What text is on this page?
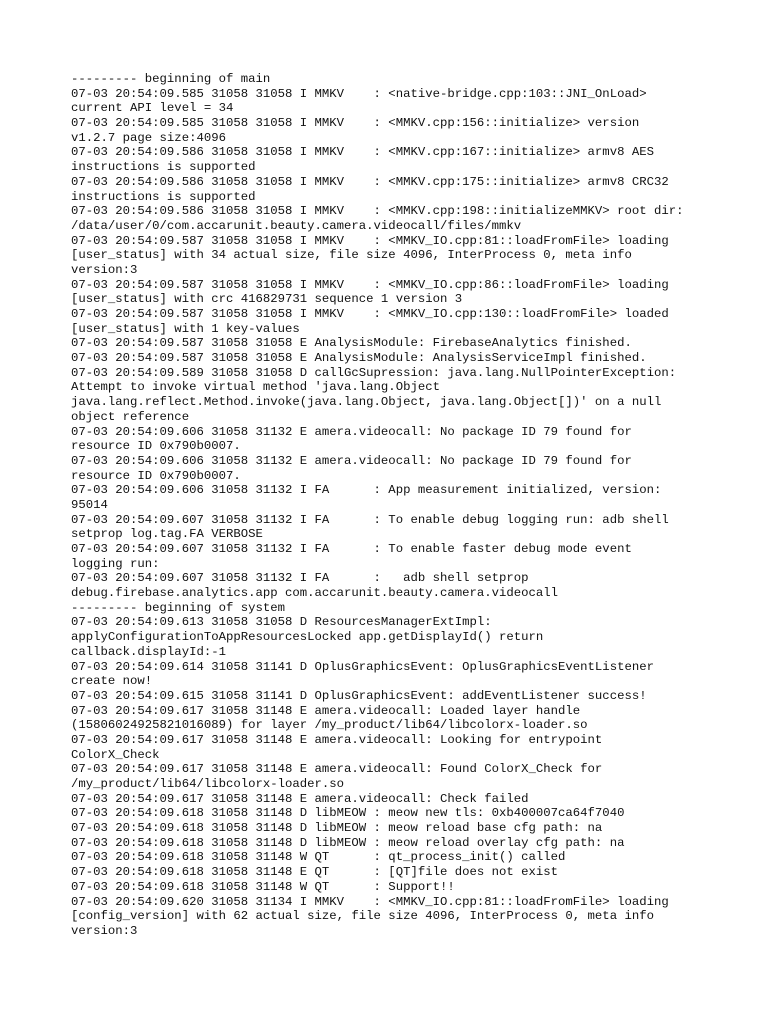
--------- beginning of main
07-03 20:54:09.585 31058 31058 I MMKV    : <native-bridge.cpp:103::JNI_OnLoad>
current API level = 34
07-03 20:54:09.585 31058 31058 I MMKV    : <MMKV.cpp:156::initialize> version
v1.2.7 page size:4096
07-03 20:54:09.586 31058 31058 I MMKV    : <MMKV.cpp:167::initialize> armv8 AES
instructions is supported
07-03 20:54:09.586 31058 31058 I MMKV    : <MMKV.cpp:175::initialize> armv8 CRC32
instructions is supported
07-03 20:54:09.586 31058 31058 I MMKV    : <MMKV.cpp:198::initializeMMKV> root dir:
/data/user/0/com.accarunit.beauty.camera.videocall/files/mmkv
07-03 20:54:09.587 31058 31058 I MMKV    : <MMKV_IO.cpp:81::loadFromFile> loading
[user_status] with 34 actual size, file size 4096, InterProcess 0, meta info
version:3
07-03 20:54:09.587 31058 31058 I MMKV    : <MMKV_IO.cpp:86::loadFromFile> loading
[user_status] with crc 416829731 sequence 1 version 3
07-03 20:54:09.587 31058 31058 I MMKV    : <MMKV_IO.cpp:130::loadFromFile> loaded
[user_status] with 1 key-values
07-03 20:54:09.587 31058 31058 E AnalysisModule: FirebaseAnalytics finished.
07-03 20:54:09.587 31058 31058 E AnalysisModule: AnalysisServiceImpl finished.
07-03 20:54:09.589 31058 31058 D callGcSupression: java.lang.NullPointerException:
Attempt to invoke virtual method 'java.lang.Object
java.lang.reflect.Method.invoke(java.lang.Object, java.lang.Object[])' on a null
object reference
07-03 20:54:09.606 31058 31132 E amera.videocall: No package ID 79 found for
resource ID 0x790b0007.
07-03 20:54:09.606 31058 31132 E amera.videocall: No package ID 79 found for
resource ID 0x790b0007.
07-03 20:54:09.606 31058 31132 I FA      : App measurement initialized, version:
95014
07-03 20:54:09.607 31058 31132 I FA      : To enable debug logging run: adb shell
setprop log.tag.FA VERBOSE
07-03 20:54:09.607 31058 31132 I FA      : To enable faster debug mode event
logging run:
07-03 20:54:09.607 31058 31132 I FA      :   adb shell setprop
debug.firebase.analytics.app com.accarunit.beauty.camera.videocall
--------- beginning of system
07-03 20:54:09.613 31058 31058 D ResourcesManagerExtImpl:
applyConfigurationToAppResourcesLocked app.getDisplayId() return
callback.displayId:-1
07-03 20:54:09.614 31058 31141 D OplusGraphicsEvent: OplusGraphicsEventListener
create now!
07-03 20:54:09.615 31058 31141 D OplusGraphicsEvent: addEventListener success!
07-03 20:54:09.617 31058 31148 E amera.videocall: Loaded layer handle
(15806024925821016089) for layer /my_product/lib64/libcolorx-loader.so
07-03 20:54:09.617 31058 31148 E amera.videocall: Looking for entrypoint
ColorX_Check
07-03 20:54:09.617 31058 31148 E amera.videocall: Found ColorX_Check for
/my_product/lib64/libcolorx-loader.so
07-03 20:54:09.617 31058 31148 E amera.videocall: Check failed
07-03 20:54:09.618 31058 31148 D libMEOW : meow new tls: 0xb400007ca64f7040
07-03 20:54:09.618 31058 31148 D libMEOW : meow reload base cfg path: na
07-03 20:54:09.618 31058 31148 D libMEOW : meow reload overlay cfg path: na
07-03 20:54:09.618 31058 31148 W QT      : qt_process_init() called
07-03 20:54:09.618 31058 31148 E QT      : [QT]file does not exist
07-03 20:54:09.618 31058 31148 W QT      : Support!!
07-03 20:54:09.620 31058 31134 I MMKV    : <MMKV_IO.cpp:81::loadFromFile> loading
[config_version] with 62 actual size, file size 4096, InterProcess 0, meta info
version:3
